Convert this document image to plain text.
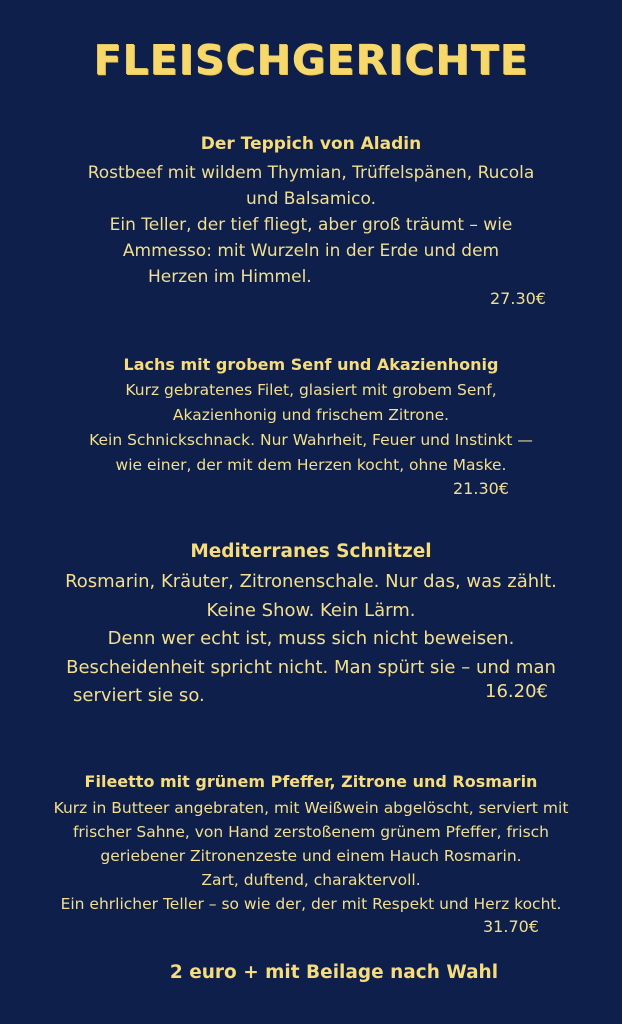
FLEISCHGERICHTE
Der Teppich von Aladin
Rostbeef mit wildem Thymian, Trüffelspänen, Rucola
und Balsamico.
Ein Teller, der tief fliegt, aber groß träumt – wie
Ammesso: mit Wurzeln in der Erde und dem
Herzen im Himmel.
27.30€
Lachs mit grobem Senf und Akazienhonig
Kurz gebratenes Filet, glasiert mit grobem Senf,
Akazienhonig und frischem Zitrone.
Kein Schnickschnack. Nur Wahrheit, Feuer und Instinkt —
wie einer, der mit dem Herzen kocht, ohne Maske.
21.30€
Mediterranes Schnitzel
Rosmarin, Kräuter, Zitronenschale. Nur das, was zählt.
Keine Show. Kein Lärm.
Denn wer echt ist, muss sich nicht beweisen.
Bescheidenheit spricht nicht. Man spürt sie – und man
serviert sie so.	16.20€
Fileetto mit grünem Pfeffer, Zitrone und Rosmarin
Kurz in Butteer angebraten, mit Weißwein abgelöscht, serviert mit
frischer Sahne, von Hand zerstoßenem grünem Pfeffer, frisch
geriebener Zitronenzeste und einem Hauch Rosmarin.
Zart, duftend, charaktervoll.
Ein ehrlicher Teller – so wie der, der mit Respekt und Herz kocht.
31.70€
2 euro + mit Beilage nach Wahl
